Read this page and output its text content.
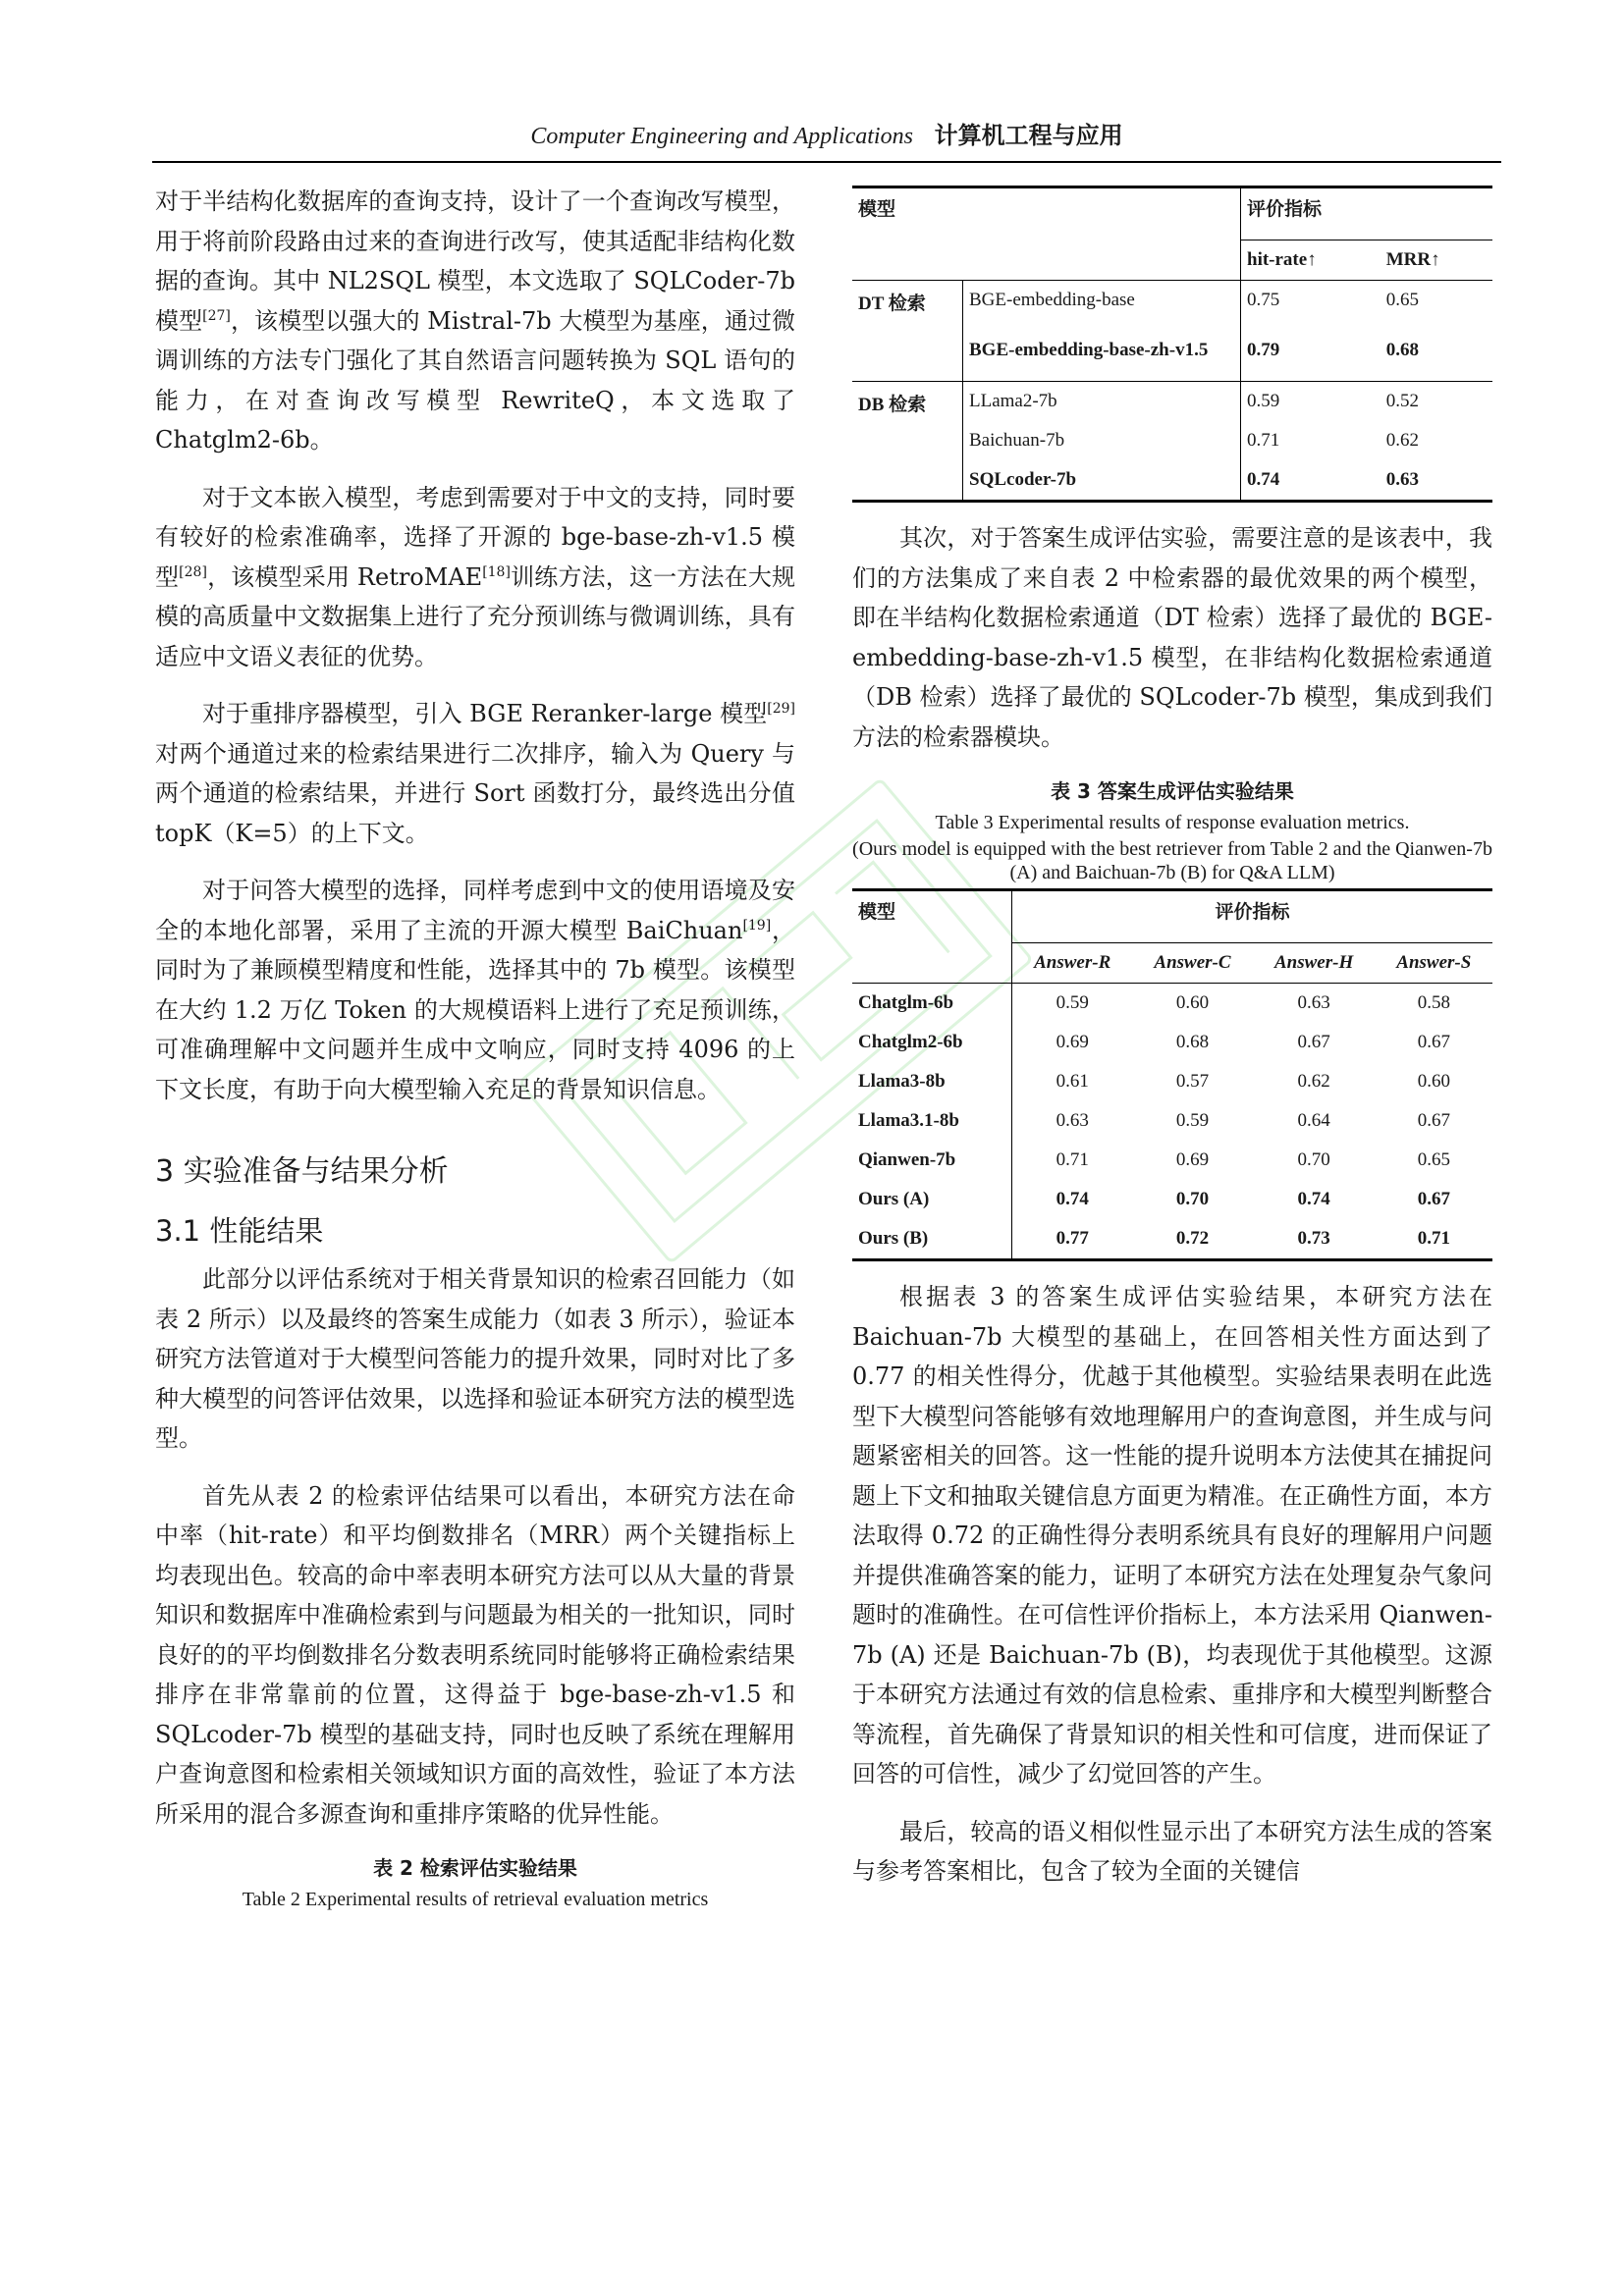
Computer Engineering and Applications 计算机工程与应用

对于半结构化数据库的查询支持，设计了一个查询改写模型，用于将前阶段路由过来的查询进行改写，使其适配非结构化数据的查询。其中 NL2SQL 模型，本文选取了 SQLCoder-7b 模型[27]，该模型以强大的 Mistral-7b 大模型为基座，通过微调训练的方法专门强化了其自然语言问题转换为 SQL 语句的能力，在对查询改写模型 RewriteQ，本文选取了 Chatglm2-6b。

对于文本嵌入模型，考虑到需要对于中文的支持，同时要有较好的检索准确率，选择了开源的 bge-base-zh-v1.5 模型[28]，该模型采用 RetroMAE[18]训练方法，这一方法在大规模的高质量中文数据集上进行了充分预训练与微调训练，具有适应中文语义表征的优势。

对于重排序器模型，引入 BGE Reranker-large 模型[29]对两个通道过来的检索结果进行二次排序，输入为 Query 与两个通道的检索结果，并进行 Sort 函数打分，最终选出分值 topK（K=5）的上下文。

对于问答大模型的选择，同样考虑到中文的使用语境及安全的本地化部署，采用了主流的开源大模型 BaiChuan[19]，同时为了兼顾模型精度和性能，选择其中的 7b 模型。该模型在大约 1.2 万亿 Token 的大规模语料上进行了充足预训练，可准确理解中文问题并生成中文响应，同时支持 4096 的上下文长度，有助于向大模型输入充足的背景知识信息。

3 实验准备与结果分析
3.1 性能结果

此部分以评估系统对于相关背景知识的检索召回能力（如表 2 所示）以及最终的答案生成能力（如表 3 所示），验证本研究方法管道对于大模型问答能力的提升效果，同时对比了多种大模型的问答评估效果，以选择和验证本研究方法的模型选型。

首先从表 2 的检索评估结果可以看出，本研究方法在命中率（hit-rate）和平均倒数排名（MRR）两个关键指标上均表现出色。较高的命中率表明本研究方法可以从大量的背景知识和数据库中准确检索到与问题最为相关的一批知识，同时良好的的平均倒数排名分数表明系统同时能够将正确检索结果排序在非常靠前的位置，这得益于 bge-base-zh-v1.5 和 SQLcoder-7b 模型的基础支持，同时也反映了系统在理解用户查询意图和检索相关领域知识方面的高效性，验证了本方法所采用的混合多源查询和重排序策略的优异性能。

表 2 检索评估实验结果

Table 2 Experimental results of retrieval evaluation metrics

模型		评价指标	
		hit-rate↑	MRR↑
DT 检索	BGE-embedding-base	0.75	0.65
	BGE-embedding-base-zh-v1.5	0.79	0.68
DB 检索	LLama2-7b	0.59	0.52
	Baichuan-7b	0.71	0.62
	SQLcoder-7b	0.74	0.63

其次，对于答案生成评估实验，需要注意的是该表中，我们的方法集成了来自表 2 中检索器的最优效果的两个模型，即在半结构化数据检索通道（DT 检索）选择了最优的 BGE-embedding-base-zh-v1.5 模型，在非结构化数据检索通道（DB 检索）选择了最优的 SQLcoder-7b 模型，集成到我们方法的检索器模块。

表 3 答案生成评估实验结果

Table 3 Experimental results of response evaluation metrics.

(Ours model is equipped with the best retriever from Table 2 and the Qianwen-7b (A) and Baichuan-7b (B) for Q&A LLM)

模型	评价指标			
	Answer-R	Answer-C	Answer-H	Answer-S
Chatglm-6b	0.59	0.60	0.63	0.58
Chatglm2-6b	0.69	0.68	0.67	0.67
Llama3-8b	0.61	0.57	0.62	0.60
Llama3.1-8b	0.63	0.59	0.64	0.67
Qianwen-7b	0.71	0.69	0.70	0.65
Ours (A)	0.74	0.70	0.74	0.67
Ours (B)	0.77	0.72	0.73	0.71

根据表 3 的答案生成评估实验结果，本研究方法在 Baichuan-7b 大模型的基础上，在回答相关性方面达到了 0.77 的相关性得分，优越于其他模型。实验结果表明在此选型下大模型问答能够有效地理解用户的查询意图，并生成与问题紧密相关的回答。这一性能的提升说明本方法使其在捕捉问题上下文和抽取关键信息方面更为精准。在正确性方面，本方法取得 0.72 的正确性得分表明系统具有良好的理解用户问题并提供准确答案的能力，证明了本研究方法在处理复杂气象问题时的准确性。在可信性评价指标上，本方法采用 Qianwen-7b (A) 还是 Baichuan-7b (B)，均表现优于其他模型。这源于本研究方法通过有效的信息检索、重排序和大模型判断整合等流程，首先确保了背景知识的相关性和可信度，进而保证了回答的可信性，减少了幻觉回答的产生。

最后，较高的语义相似性显示出了本研究方法生成的答案与参考答案相比，包含了较为全面的关键信
